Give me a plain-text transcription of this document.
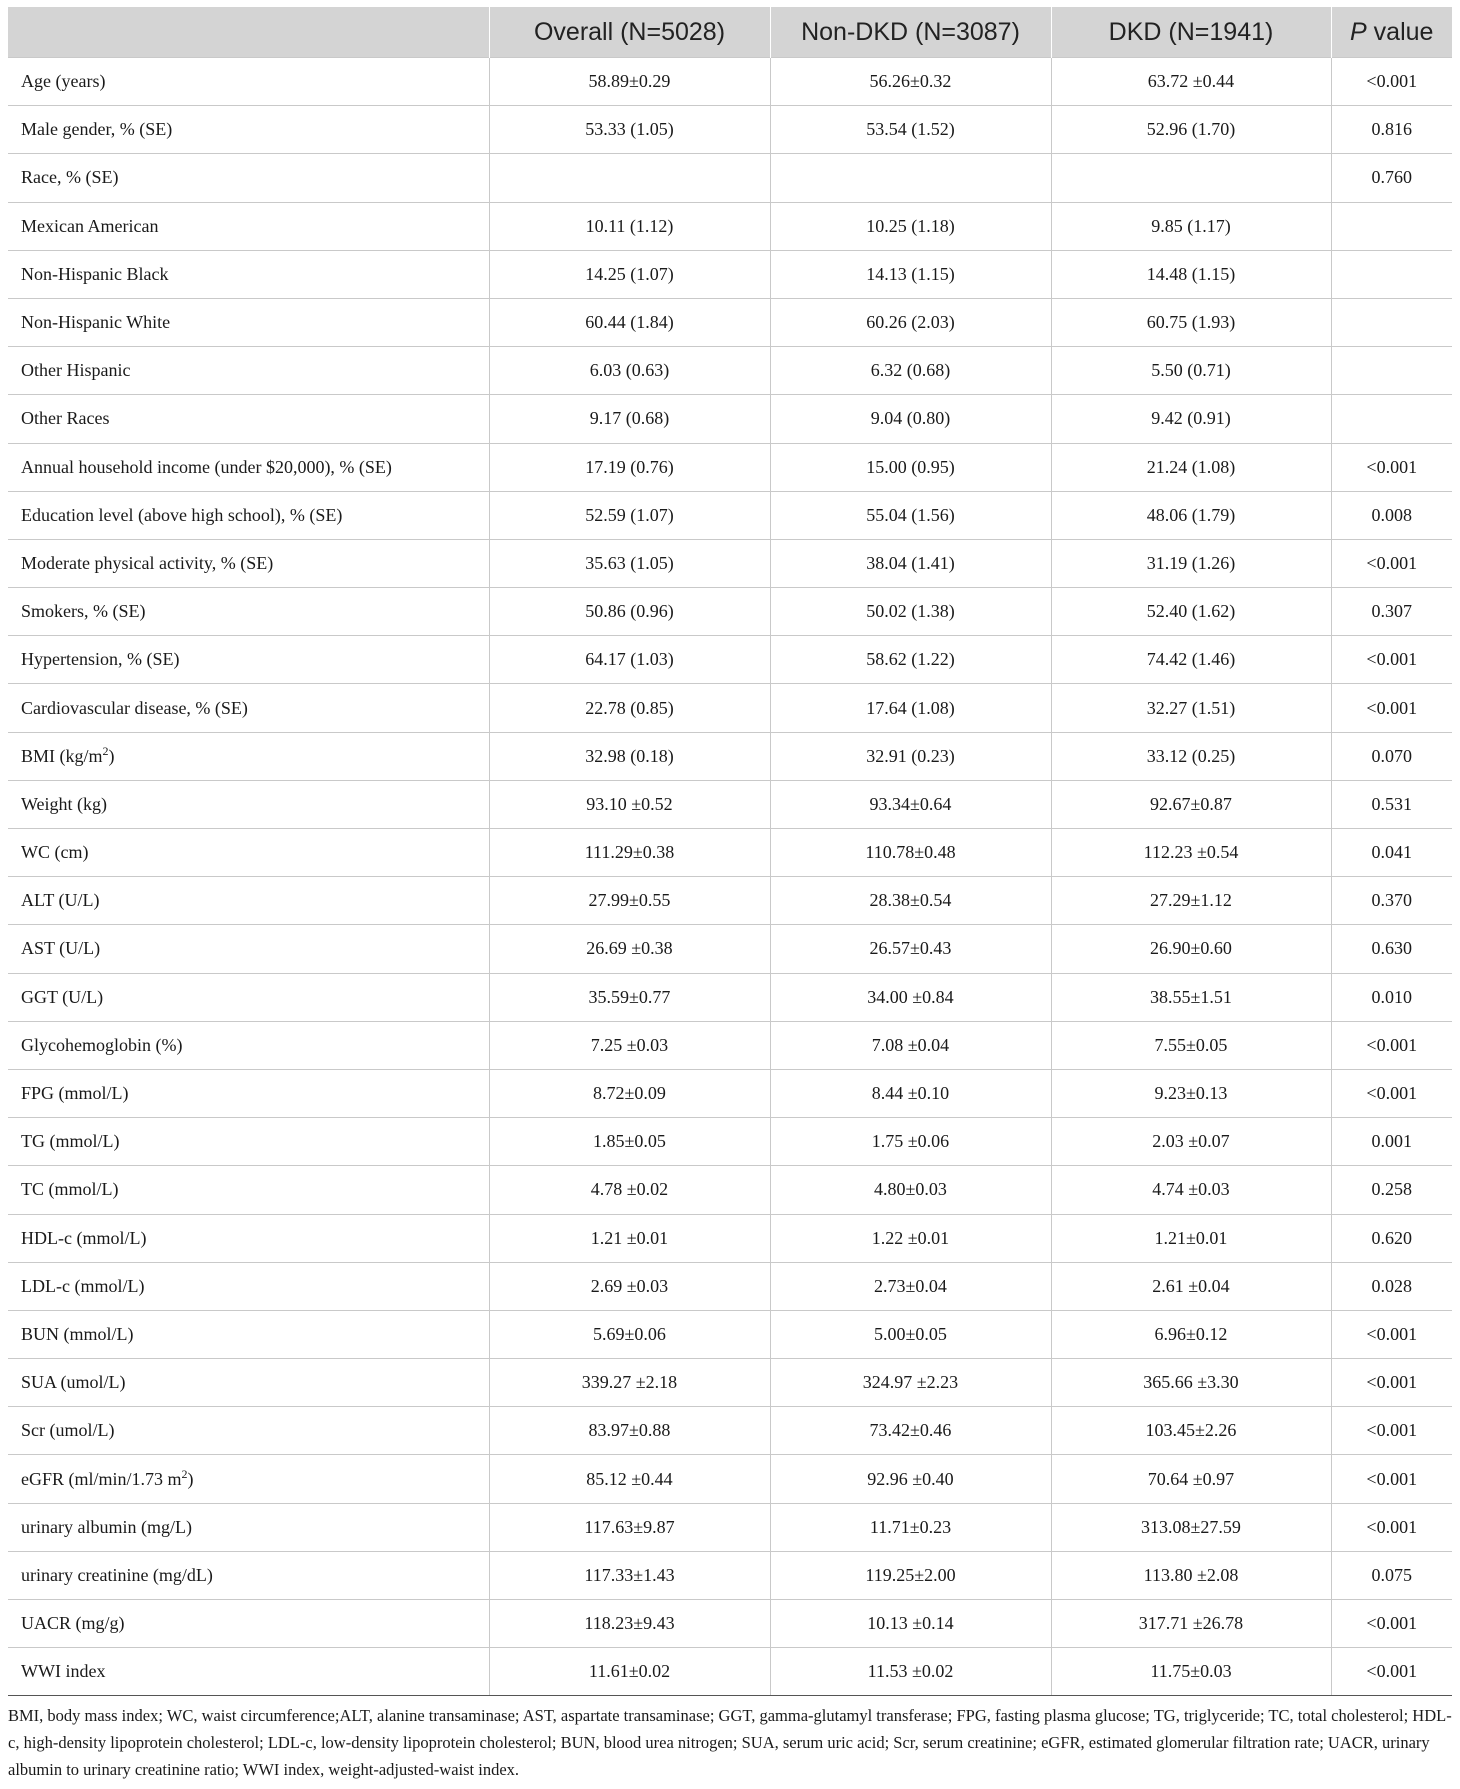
	Overall (N=5028)	Non-DKD (N=3087)	DKD (N=1941)	P value
Age (years)	58.89±0.29	56.26±0.32	63.72 ±0.44	<0.001
Male gender, % (SE)	53.33 (1.05)	53.54 (1.52)	52.96 (1.70)	0.816
Race, % (SE)				0.760
Mexican American	10.11 (1.12)	10.25 (1.18)	9.85 (1.17)	
Non-Hispanic Black	14.25 (1.07)	14.13 (1.15)	14.48 (1.15)	
Non-Hispanic White	60.44 (1.84)	60.26 (2.03)	60.75 (1.93)	
Other Hispanic	6.03 (0.63)	6.32 (0.68)	5.50 (0.71)	
Other Races	9.17 (0.68)	9.04 (0.80)	9.42 (0.91)	
Annual household income (under $20,000), % (SE)	17.19 (0.76)	15.00 (0.95)	21.24 (1.08)	<0.001
Education level (above high school), % (SE)	52.59 (1.07)	55.04 (1.56)	48.06 (1.79)	0.008
Moderate physical activity, % (SE)	35.63 (1.05)	38.04 (1.41)	31.19 (1.26)	<0.001
Smokers, % (SE)	50.86 (0.96)	50.02 (1.38)	52.40 (1.62)	0.307
Hypertension, % (SE)	64.17 (1.03)	58.62 (1.22)	74.42 (1.46)	<0.001
Cardiovascular disease, % (SE)	22.78 (0.85)	17.64 (1.08)	32.27 (1.51)	<0.001
BMI $(kg/m^2)$	32.98 (0.18)	32.91 (0.23)	33.12 (0.25)	0.070
Weight (kg)	93.10 ±0.52	93.34±0.64	92.67±0.87	0.531
WC (cm)	111.29±0.38	110.78±0.48	112.23 ±0.54	0.041
ALT (U/L)	27.99±0.55	28.38±0.54	27.29±1.12	0.370
AST (U/L)	26.69 ±0.38	26.57±0.43	26.90±0.60	0.630
GGT (U/L)	35.59±0.77	34.00 ±0.84	38.55±1.51	0.010
Glycohemoglobin (%)	7.25 ±0.03	7.08 ±0.04	7.55±0.05	<0.001
FPG (mmol/L)	8.72±0.09	8.44 ±0.10	9.23±0.13	<0.001
TG (mmol/L)	1.85±0.05	1.75 ±0.06	2.03 ±0.07	0.001
TC (mmol/L)	4.78 ±0.02	4.80±0.03	4.74 ±0.03	0.258
HDL-c (mmol/L)	1.21 ±0.01	1.22 ±0.01	1.21±0.01	0.620
LDL-c (mmol/L)	2.69 ±0.03	2.73±0.04	2.61 ±0.04	0.028
BUN (mmol/L)	5.69±0.06	5.00±0.05	6.96±0.12	<0.001
SUA (umol/L)	339.27 ±2.18	324.97 ±2.23	365.66 ±3.30	<0.001
Scr (umol/L)	83.97±0.88	73.42±0.46	103.45±2.26	<0.001
eGFR (ml/min/1.73 $m^2$)	85.12 ±0.44	92.96 ±0.40	70.64 ±0.97	<0.001
urinary albumin (mg/L)	117.63±9.87	11.71±0.23	313.08±27.59	<0.001
urinary creatinine (mg/dL)	117.33±1.43	119.25±2.00	113.80 ±2.08	0.075
UACR (mg/g)	118.23±9.43	10.13 ±0.14	317.71 ±26.78	<0.001
WWI index	11.61±0.02	11.53 ±0.02	11.75±0.03	<0.001
BMI, body mass index; WC, waist circumference;ALT, alanine transaminase; AST, aspartate transaminase; GGT, gamma-glutamyl transferase; FPG, fasting plasma glucose; TG, triglyceride; TC, total cholesterol; HDL-c, high-density lipoprotein cholesterol; LDL-c, low-density lipoprotein cholesterol; BUN, blood urea nitrogen; SUA, serum uric acid; Scr, serum creatinine; eGFR, estimated glomerular filtration rate; UACR, urinary albumin to urinary creatinine ratio; WWI index, weight-adjusted-waist index.
